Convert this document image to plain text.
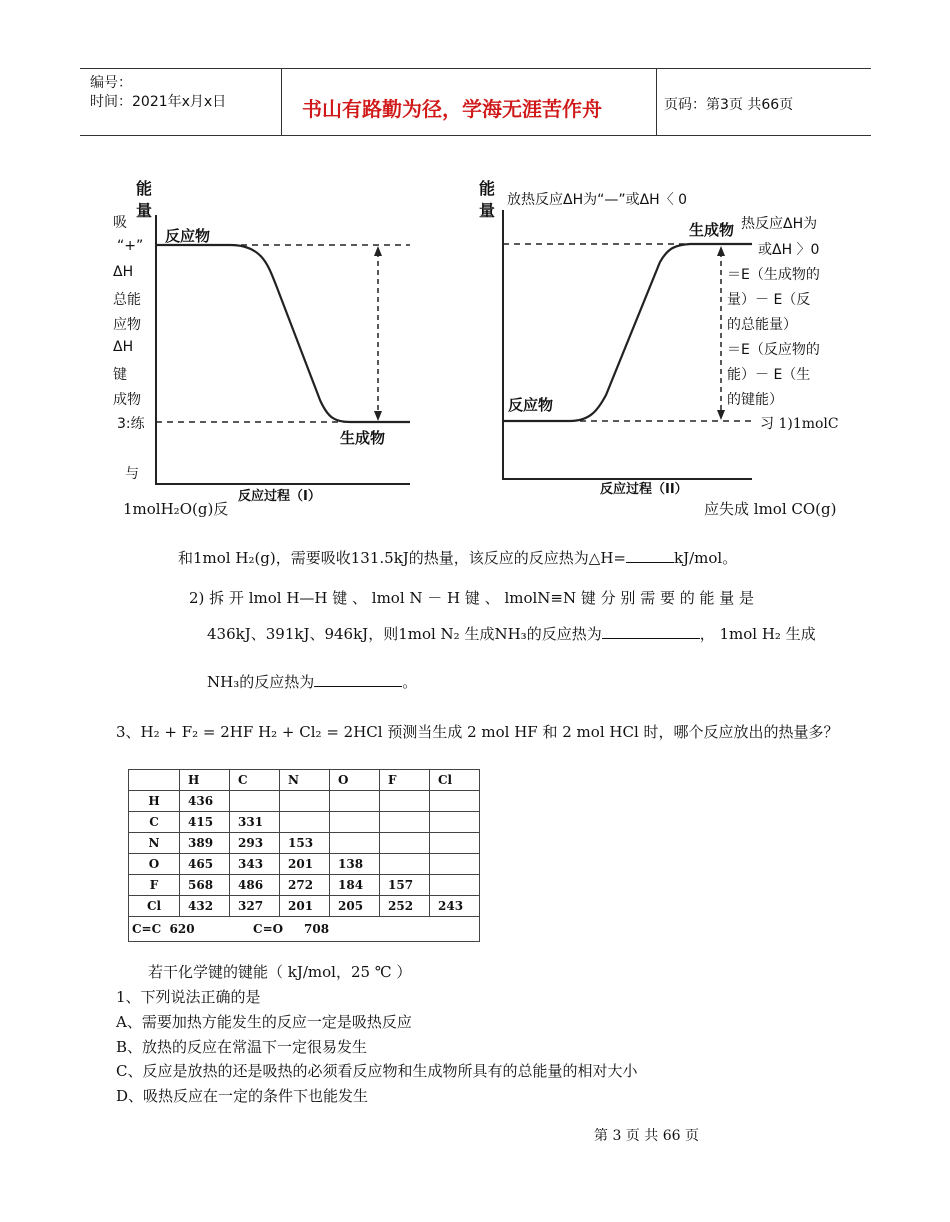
编号：
时间：2021年x月x日	书山有路勤为径，学海无涯苦作舟	页码：第3页 共66页
能量
反应物
生成物
反应过程（I）
吸
“+”
ΔH
总能
应物
ΔH
键
成物
3:练
与
1molH₂O(g)反
能量
生成物
反应物
反应过程（II）
放热反应ΔH为“—”或ΔH〈 0
热反应ΔH为
或ΔH 〉0
＝E（生成物的
量）－ E（反
的总能量）
＝E（反应物的
能）－ E（生
的键能）
习 1)1molC
应失成 lmol CO(g)
和1mol H₂(g)，需要吸收131.5kJ的热量，该反应的反应热为△H=	kJ/mol。
2) 拆 开 lmol H—H 键 、 lmol N － H 键 、 lmolN≡N 键 分 别 需 要 的 能 量 是
436kJ、391kJ、946kJ，则1mol N₂ 生成NH₃的反应热为	， 1mol H₂ 生成
NH₃的反应热为	。
3、H₂ + F₂ = 2HF H₂ + Cl₂ = 2HCl 预测当生成 2 mol HF 和 2 mol HCl 时，哪个反应放出的热量多？
	H	C	N	O	F	Cl
H	436					
C	415	331				
N	389	293	153			
O	465	343	201	138		
F	568	486	272	184	157	
Cl	432	327	201	205	252	243
C=C  620              C=O     708						
若干化学键的键能（ kJ/mol，25 ℃ ）
1、下列说法正确的是
A、需要加热方能发生的反应一定是吸热反应
B、放热的反应在常温下一定很易发生
C、反应是放热的还是吸热的必须看反应物和生成物所具有的总能量的相对大小
D、吸热反应在一定的条件下也能发生
第 3 页 共 66 页
